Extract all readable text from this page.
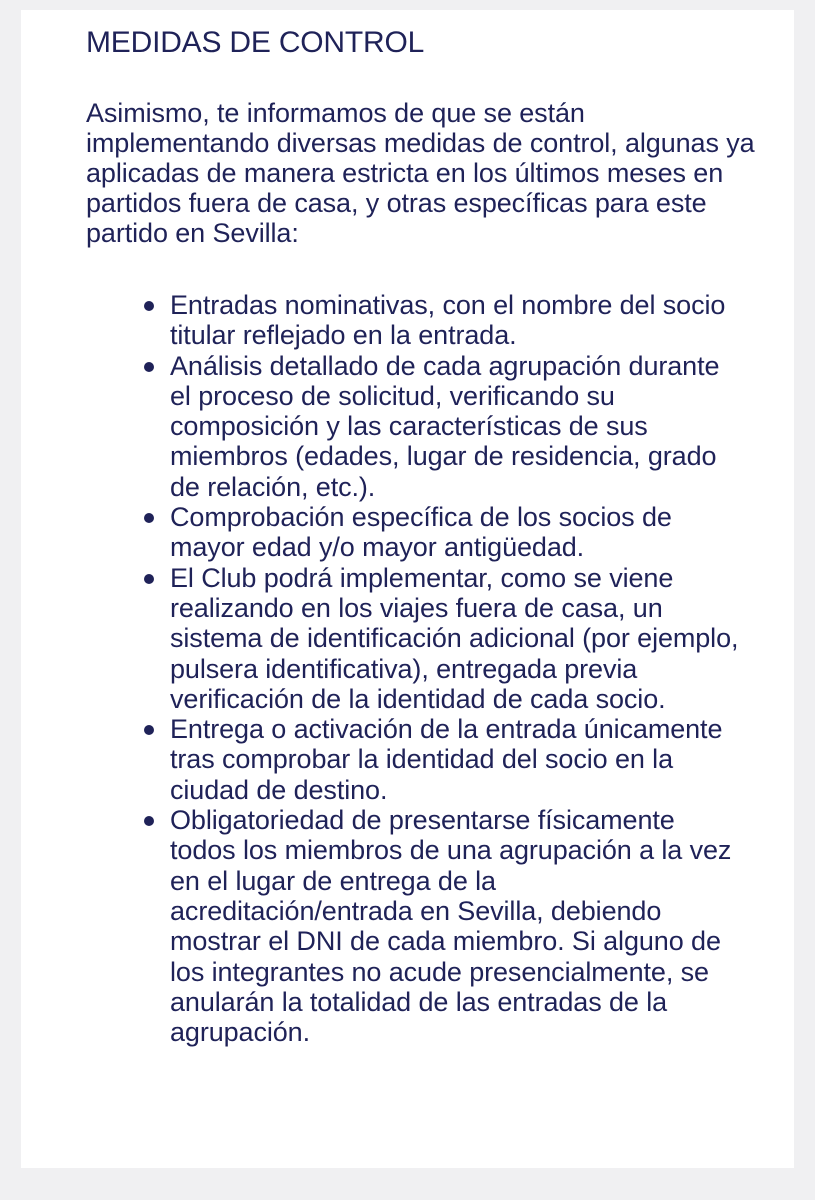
MEDIDAS DE CONTROL

Asimismo, te informamos de que se están implementando diversas medidas de control, algunas ya aplicadas de manera estricta en los últimos meses en partidos fuera de casa, y otras específicas para este partido en Sevilla:

Entradas nominativas, con el nombre del socio titular reflejado en la entrada.
Análisis detallado de cada agrupación durante el proceso de solicitud, verificando su composición y las características de sus miembros (edades, lugar de residencia, grado de relación, etc.).
Comprobación específica de los socios de mayor edad y/o mayor antigüedad.
El Club podrá implementar, como se viene realizando en los viajes fuera de casa, un sistema de identificación adicional (por ejemplo, pulsera identificativa), entregada previa verificación de la identidad de cada socio.
Entrega o activación de la entrada únicamente tras comprobar la identidad del socio en la ciudad de destino.
Obligatoriedad de presentarse físicamente todos los miembros de una agrupación a la vez en el lugar de entrega de la acreditación/entrada en Sevilla, debiendo mostrar el DNI de cada miembro. Si alguno de los integrantes no acude presencialmente, se anularán la totalidad de las entradas de la agrupación.
